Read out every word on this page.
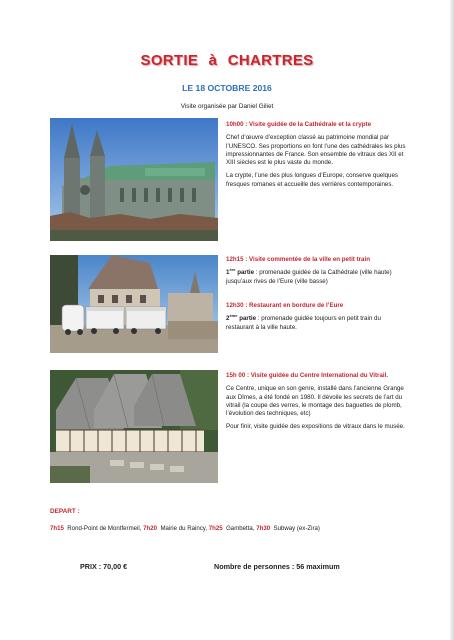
SORTIE à CHARTRES
LE 18 OCTOBRE 2016
Visite organisée par Daniel Giliet

10h00 : Visite guidée de la Cathédrale et la crypte

Chef d’œuvre d’exception classé au patrimoine mondial par l’UNESCO. Ses proportions en font l’une des cathédrales les plus impressionnantes de France. Son ensemble de vitraux des XII et XIII siècles est le plus vaste du monde.

La crypte, l’une des plus longues d’Europe, conserve quelques fresques romanes et accueille des verrières contemporaines.

12h15 : Visite commentée de la ville en petit train

1ère partie : promenade guidée de la Cathédrale (ville haute) jusqu’aux rives de l’Eure (ville basse)

12h30 : Restaurant en bordure de l’Eure

2ème partie : promenade guidée toujours en petit train du restaurant à la ville haute.

15h 00 : Visite guidée du Centre International du Vitrail.

Ce Centre, unique en son genre, installé dans l’ancienne Grange aux Dîmes, a été fondé en 1980. Il dévoile les secrets de l’art du vitrail (la coupe des verres, le montage des baguettes de plomb, l’évolution des techniques, etc)

Pour finir, visite guidée des expositions de vitraux dans le musée.

DEPART :
7h15 Rond-Point de Montfermeil, 7h20 Mairie du Raincy, 7h25 Gambetta, 7h30 Subway (ex-Zira)
PRIX : 70,00 €	Nombre de personnes : 56 maximum
